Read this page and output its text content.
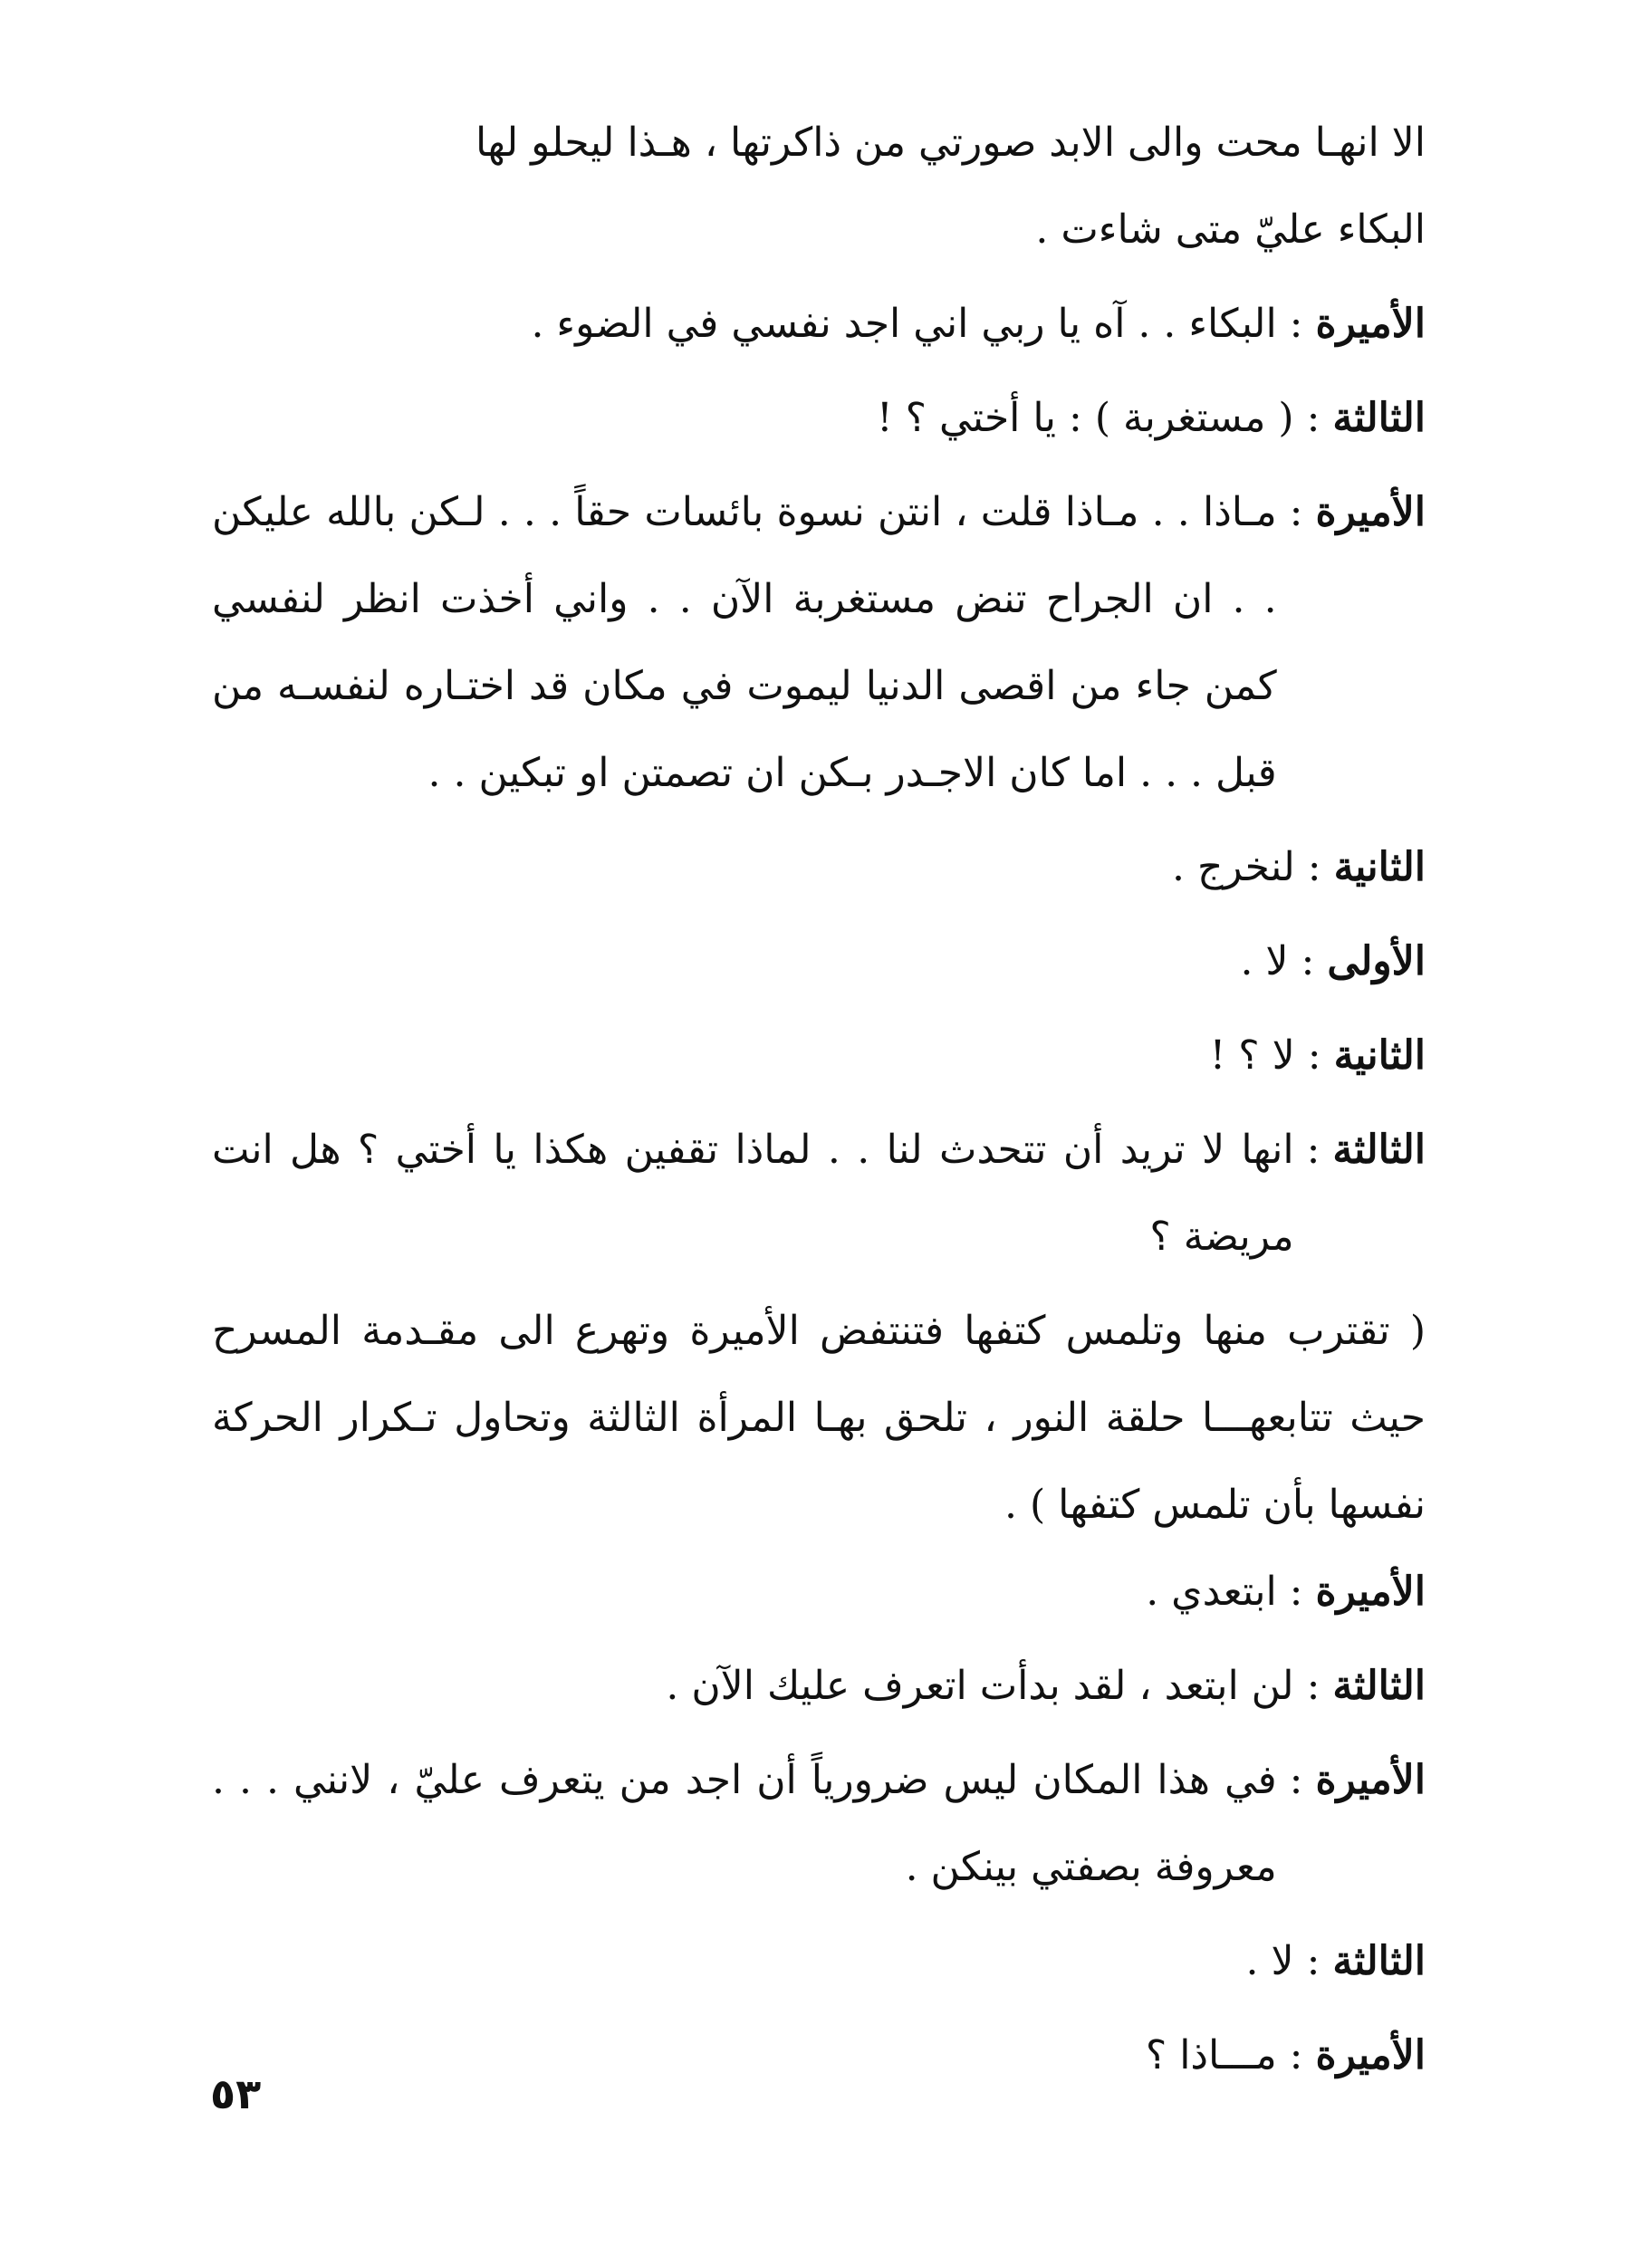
الا انهـا محت والى الابد صورتي من ذاكرتها ، هـذا ليحلو لها
البكاء عليّ متى شاءت .
الأميرة
:
البكاء . . آه يا ربي اني اجد نفسي في الضوء .
الثالثة
:
( مستغربة ) : يا أختي ؟ !
الأميرة
:
مـاذا . . مـاذا قلت ، انتن نسوة بائسات حقاً . . . لـكن بالله عليكن . . ان الجراح تنض مستغربة الآن . . واني أخذت انظر لنفسي كمن جاء من اقصى الدنيا ليموت في مكان قد اختـاره لنفسـه من قبل . . . اما كان الاجـدر بـكن ان تصمتن او تبكين . .
الثانية
:
لنخرج .
الأولى
:
لا .
الثانية
:
لا ؟ !
الثالثة
:
انها لا تريد أن تتحدث لنا . . لماذا تقفين هكذا يا أختي ؟ هل انت مريضة ؟
( تقترب منها وتلمس كتفها فتنتفض الأميرة وتهرع الى مقـدمة المسرح حيث تتابعهـــا حلقة النور ، تلحق بهـا المرأة الثالثة وتحاول تـكرار الحركة نفسها بأن تلمس كتفها ) .
الأميرة
:
ابتعدي .
الثالثة
:
لن ابتعد ، لقد بدأت اتعرف عليك الآن .
الأميرة
:
في هذا المكان ليس ضرورياً أن اجد من يتعرف عليّ ، لانني . . . معروفة بصفتي بينكن .
الثالثة
:
لا .
الأميرة
:
مـــاذا ؟
٥٣
